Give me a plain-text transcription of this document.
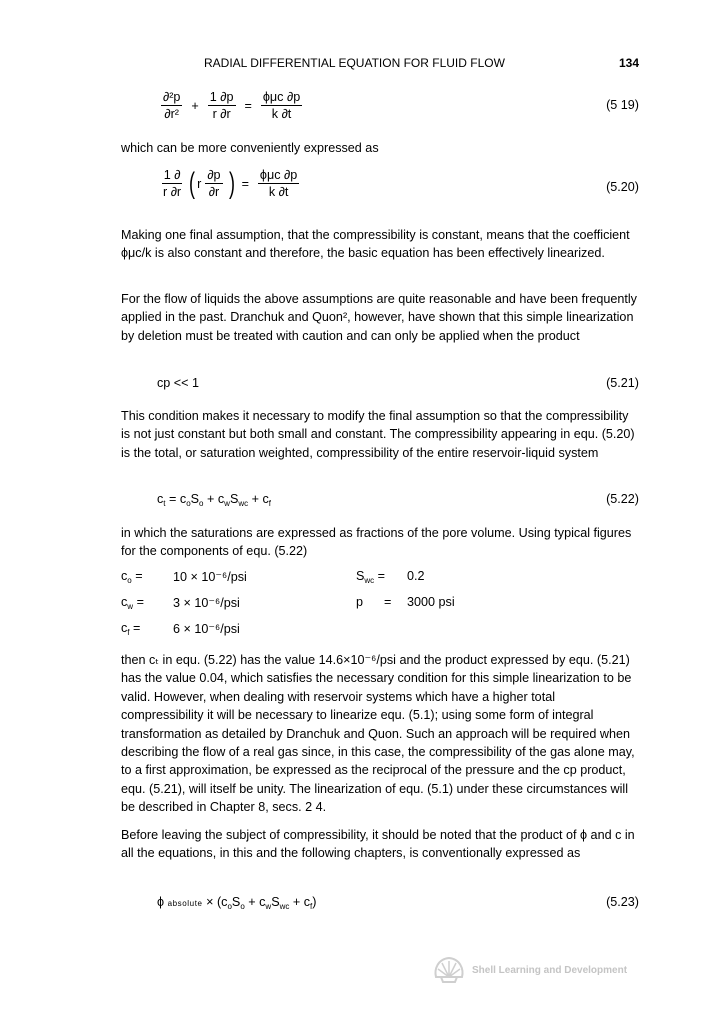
RADIAL DIFFERENTIAL EQUATION FOR FLUID FLOW	134
$\frac{\text{∂²p}}{\text{∂r²}} + \frac{1 \partial p}{r \partial r} = \frac{\text{ϕμc ∂p}}{k \partial t}$	(5 19)
which can be more conveniently expressed as
$\frac{1 \partial}{r \partial r}$ ( r $\frac{\partial p}{\partial r}$ ) = $\frac{\text{ϕμc ∂p}}{k \partial t}$	(5.20)
Making one final assumption, that the compressibility is constant, means that the coefficient ϕμc/k is also constant and therefore, the basic equation has been effectively linearized.
For the flow of liquids the above assumptions are quite reasonable and have been frequently applied in the past. Dranchuk and Quon², however, have shown that this simple linearization by deletion must be treated with caution and can only be applied when the product
cp << 1	(5.21)
This condition makes it necessary to modify the final assumption so that the compressibility is not just constant but both small and constant. The compressibility appearing in equ. (5.20) is the total, or saturation weighted, compressibility of the entire reservoir-liquid system
$c_t = c_oS_o + c_wS_{wc} + c_f$	(5.22)
in which the saturations are expressed as fractions of the pore volume. Using typical figures for the components of equ. (5.22)
$c_o = 10 \times 10^{-6}/psi$	$S_{wc} = 0.2$
$c_w = 3 \times 10^{-6}/psi$	p = 3000 psi
$c_f$ =	6 × 10⁻⁶/psi
then cₜ in equ. (5.22) has the value 14.6×10⁻⁶/psi and the product expressed by equ. (5.21) has the value 0.04, which satisfies the necessary condition for this simple linearization to be valid. However, when dealing with reservoir systems which have a higher total compressibility it will be necessary to linearize equ. (5.1); using some form of integral transformation as detailed by Dranchuk and Quon. Such an approach will be required when describing the flow of a real gas since, in this case, the compressibility of the gas alone may, to a first approximation, be expressed as the reciprocal of the pressure and the cp product, equ. (5.21), will itself be unity. The linearization of equ. (5.1) under these circumstances will be described in Chapter 8, secs. 2 4.
Before leaving the subject of compressibility, it should be noted that the product of ϕ and c in all the equations, in this and the following chapters, is conventionally expressed as
ϕ absolute × $(c_oS_o + c_wS_{wc} + c_f)$	(5.23)
Shell Learning and Development
